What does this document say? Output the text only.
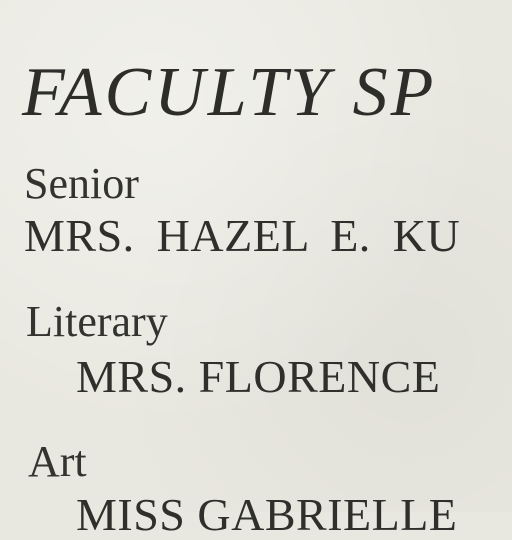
FACULTY SP
Senior
MRS. HAZEL E. KU
Literary
MRS. FLORENCE
Art
MISS GABRIELLE
